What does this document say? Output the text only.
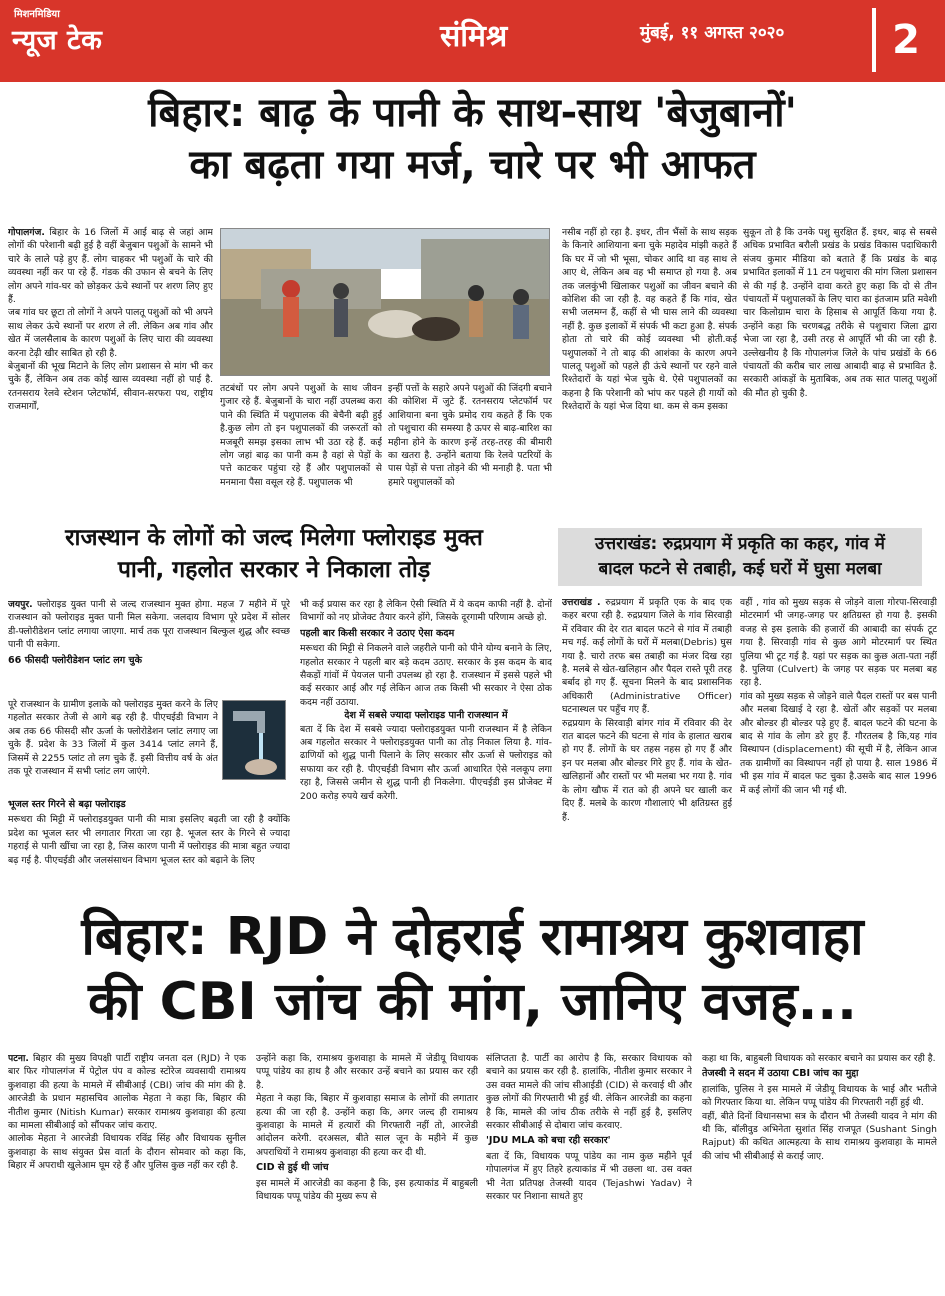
मिशनमिडिया
न्यूज टेक	संमिश्र	मुंबई, ११ अगस्त २०२०	2
बिहार: बाढ़ के पानी के साथ-साथ 'बेजुबानों'
का बढ़ता गया मर्ज, चारे पर भी आफत

गोपालगंज. बिहार के 16 जिलों में आई बाढ़ से जहां आम लोगों की परेशानी बढ़ी हुई है वहीं बेजुबान पशुओं के सामने भी चारे के लाले पड़े हुए हैं. लोग चाहकर भी पशुओं के चारे की व्यवस्था नहीं कर पा रहे हैं. गंडक की उफान से बचने के लिए लोग अपने गांव-घर को छोड़कर ऊंचे स्थानों पर शरण लिए हुए हैं.

जब गांव घर छूटा तो लोगों ने अपने पालतू पशुओं को भी अपने साथ लेकर ऊंचे स्थानों पर शरण ले ली. लेकिन अब गांव और खेत में जलसैलाब के कारण पशुओं के लिए चारा की व्यवस्था करना टेढ़ी खीर साबित हो रही है.

बेजुबानों की भूख मिटाने के लिए लोग प्रशासन से मांग भी कर चुके हैं, लेकिन अब तक कोई खास व्यवस्था नहीं हो पाई है. रतनसराय रेलवे स्टेशन प्लेटफॉर्म, सीवान-सरफरा पथ, राष्ट्रीय राजमार्गों,

तटबंधों पर लोग अपने पशुओं के साथ जीवन गुजार रहे हैं. बेजुबानों के चारा नहीं उपलब्ध करा पाने की स्थिति में पशुपालक की बेचैनी बढ़ी हुई है.कुछ लोग तो इन पशुपालकों की जरूरतों को मजबूरी समझ इसका लाभ भी उठा रहे हैं. कई लोग जहां बाढ़ का पानी कम है वहां से पेड़ों के पत्ते काटकर पहुंचा रहे हैं और पशुपालकों से मनमाना पैसा वसूल रहे हैं. पशुपालक भी
इन्हीं पत्तों के सहारे अपने पशुओं की जिंदगी बचाने की कोशिश में जुटे हैं. रतनसराय प्लेटफॉर्म पर आशियाना बना चुके प्रमोद राय कहते हैं कि एक तो पशुचारा की समस्या है ऊपर से बाढ़-बारिश का महीना होने के कारण इन्हें तरह-तरह की बीमारी का खतरा है. उन्होंने बताया कि रेलवे पटरियों के पास पेड़ों से पत्ता तोड़ने की भी मनाही है. पता भी हमारे पशुपालकों को
नसीब नहीं हो रहा है. इधर, तीन भैंसों के साथ सड़क के किनारे आशियाना बना चुके महादेव मांझी कहते हैं कि घर में जो भी भूसा, चोकर आदि था वह साथ ले आए थे, लेकिन अब वह भी समाप्त हो गया है. अब तक जलकुंभी खिलाकर पशुओं का जीवन बचाने की कोशिश की जा रही है. वह कहते हैं कि गांव, खेत सभी जलमग्न हैं, कहीं से भी घास लाने की व्यवस्था नहीं है. कुछ इलाकों में संपर्क भी कटा हुआ है. संपर्क होता तो चारे की कोई व्यवस्था भी होती.कई पशुपालकों ने तो बाढ़ की आशंका के कारण अपने पालतू पशुओं को पहले ही ऊंचे स्थानों पर रहने वाले रिश्तेदारों के यहां भेज चुके थे. ऐसे पशुपालकों का कहना है कि परेशानी को भांप कर पहले ही गायों को रिश्तेदारों के यहां भेज दिया था. कम से कम इसका
सुकून तो है कि उनके पशु सुरक्षित हैं. इधर, बाढ़ से सबसे अधिक प्रभावित बरौली प्रखंड के प्रखंड विकास पदाधिकारी संजय कुमार मीडिया को बताते हैं कि प्रखंड के बाढ़ प्रभावित इलाकों में 11 टन पशुचारा की मांग जिला प्रशासन से की गई है. उन्होंने दावा करते हुए कहा कि दो से तीन पंचायतों में पशुपालकों के लिए चारा का इंतजाम प्रति मवेशी चार किलोग्राम चारा के हिसाब से आपूर्ति किया गया है. उन्होंने कहा कि चरणबद्ध तरीके से पशुचारा जिला द्वारा भेजा जा रहा है, उसी तरह से आपूर्ति भी की जा रही है. उल्लेखनीय है कि गोपालगंज जिले के पांच प्रखंडों के 66 पंचायतों की करीब चार लाख आबादी बाढ़ से प्रभावित है. सरकारी आंकड़ों के मुताबिक, अब तक सात पालतू पशुओं की मौत हो चुकी है.
राजस्थान के लोगों को जल्द मिलेगा फ्लोराइड मुक्त
पानी, गहलोत सरकार ने निकाला तोड़

जयपुर. फ्लोराइड युक्त पानी से जल्द राजस्थान मुक्त होगा. महज 7 महीने में पूरे राजस्थान को फ्लोराइड मुक्त पानी मिल सकेगा. जलदाय विभाग पूरे प्रदेश में सोलर डी-फ्लोरीडेशन प्लांट लगाया जाएगा. मार्च तक पूरा राजस्थान बिल्कुल शुद्ध और स्वच्छ पानी पी सकेगा.

66 फीसदी फ्लोरीडेशन प्लांट लग चुके

पूरे राजस्थान के ग्रामीण इलाके को फ्लोराइड मुक्त करने के लिए गहलोत सरकार तेजी से आगे बढ़ रही है. पीएचईडी विभाग ने अब तक 66 फीसदी सौर ऊर्जा के फ्लोरोडेशन प्लांट लगाए जा चुके हैं. प्रदेश के 33 जिलों में कुल 3414 प्लांट लगने हैं, जिसमें से 2255 प्लांट तो लग चुके हैं. इसी वित्तीय वर्ष के अंत तक पूरे राजस्थान में सभी प्लांट लग जाएंगे.

भूजल स्तर गिरने से बढ़ा फ्लोराइड

मरूधरा की मिट्टी में फ्लोराइडयुक्त पानी की मात्रा इसलिए बढ़ती जा रही है क्योंकि प्रदेश का भूजल स्तर भी लगातार गिरता जा रहा है. भूजल स्तर के गिरने से ज्यादा गहराई से पानी खींचा जा रहा है, जिस कारण पानी में फ्लोराइड की मात्रा बहुत ज्यादा बढ़ गई है. पीएचईडी और जलसंसाधन विभाग भूजल स्तर को बढ़ाने के लिए

भी कई प्रयास कर रहा है लेकिन ऐसी स्थिति में ये कदम काफी नहीं है. दोनों विभागों को नए प्रोजेक्ट तैयार करने होंगे, जिसके दूरगामी परिणाम अच्छे हो.

पहली बार किसी सरकार ने उठाए ऐसा कदम

मरूधरा की मिट्टी से निकलने वाले जहरीले पानी को पीने योग्य बनाने के लिए, गहलोत सरकार ने पहली बार बड़े कदम उठाए. सरकार के इस कदम के बाद सैकड़ों गांवों में पेयजल पानी उपलब्ध हो रहा है. राजस्थान में इससे पहले भी कई सरकार आई और गई लेकिन आज तक किसी भी सरकार ने ऐसा ठोक कदम नहीं उठाया.

देश में सबसे ज्यादा फ्लोराइड पानी राजस्थान में

बता दें कि देश में सबसे ज्यादा फ्लोराइडयुक्त पानी राजस्थान में है लेकिन अब गहलोत सरकार ने फ्लोराइडयुक्त पानी का तोड़ निकाल लिया है. गांव-ढाणियों को शुद्ध पानी पिलाने के लिए सरकार सौर ऊर्जा से फ्लोराइड को सफाया कर रही है. पीएचईडी विभाग सौर ऊर्जा आधारित ऐसे नलकूप लगा रहा है, जिससे जमीन से शुद्ध पानी ही निकलेगा. पीएचईडी इस प्रोजेक्ट में 200 करोड़ रुपये खर्च करेगी.

उत्तराखंड: रुद्रप्रयाग में प्रकृति का कहर, गांव में
बादल फटने से तबाही, कई घरों में घुसा मलबा

उत्तराखंड . रुद्रप्रयाग में प्रकृति एक के बाद एक कहर बरपा रही है. रुद्रप्रयाग जिले के गांव सिरवाड़ी में रविवार की देर रात बादल फटने से गांव में तबाही मच गई. कई लोगों के घरों में मलबा(Debris) घुस गया है. चारो तरफ बस तबाही का मंजर दिख रहा है. मलबे से खेत-खलिहान और पैदल रास्ते पूरी तरह बर्बाद हो गए हैं. सूचना मिलने के बाद प्रशासनिक अधिकारी (Administrative Officer) घटनास्थल पर पहुँच गए हैं.

रुद्रप्रयाग के सिरवाड़ी बांगर गांव में रविवार की देर रात बादल फटने की घटना से गांव के हालात खराब हो गए हैं. लोगों के घर तहस नहस हो गए हैं और इन पर मलबा और बोल्डर गिरे हुए हैं. गांव के खेत-खलिहानों और रास्तों पर भी मलबा भर गया है. गांव के लोग खौफ में रात को ही अपने घर खाली कर दिए हैं. मलबे के कारण गौशालाएं भी क्षतिग्रस्त हुई हैं.

वहीं , गांव को मुख्य सड़क से जोड़ने वाला गोरपा-सिरवाड़ी मोटरमार्ग भी जगह-जगह पर क्षतिग्रस्त हो गया है. इसकी वजह से इस इलाके की हजारों की आबादी का संपर्क टूट गया है. सिरवाड़ी गांव से कुछ आगे मोटरमार्ग पर स्थित पुलिया भी टूट गई है. यहां पर सड़क का कुछ अता-पता नहीं है. पुलिया (Culvert) के जगह पर सड़क पर मलबा बह रहा है.

गांव को मुख्य सड़क से जोड़ने वाले पैदल रास्तों पर बस पानी और मलबा दिखाई दे रहा है. खेतों और सड़कों पर मलबा और बोल्डर ही बोल्डर पड़े हुए हैं. बादल फटने की घटना के बाद से गांव के लोग डरे हुए हैं. गौरतलब है कि,यह गांव विस्थापन (displacement) की सूची में है, लेकिन आज तक ग्रामीणों का विस्थापन नहीं हो पाया है. साल 1986 में भी इस गांव में बादल फट चुका है.उसके बाद साल 1996 में कई लोगों की जान भी गई थी.

बिहार: RJD ने दोहराई रामाश्रय कुशवाहा
की CBI जांच की मांग, जानिए वजह...

पटना. बिहार की मुख्य विपक्षी पार्टी राष्ट्रीय जनता दल (RJD) ने एक बार फिर गोपालगंज में पेट्रोल पंप व कोल्ड स्टोरेज व्यवसायी रामाश्रय कुशवाहा की हत्या के मामले में सीबीआई (CBI) जांच की मांग की है. आरजेडी के प्रधान महासचिव आलोक मेहता ने कहा कि, बिहार की नीतीश कुमार (Nitish Kumar) सरकार रामाश्रय कुशवाहा की हत्या का मामला सीबीआई को सौंपकर जांच कराए.

आलोक मेहता ने आरजेडी विधायक रविंद्र सिंह और विधायक सुनील कुशवाहा के साथ संयुक्त प्रेस वार्ता के दौरान सोमवार को कहा कि, बिहार में अपराधी खुलेआम घूम रहे हैं और पुलिस कुछ नहीं कर रही है.

उन्होंने कहा कि, रामाश्रय कुशवाहा के मामले में जेडीयू विधायक पप्पू पांडेय का हाथ है और सरकार उन्हें बचाने का प्रयास कर रही है.

मेहता ने कहा कि, बिहार में कुशवाहा समाज के लोगों की लगातार हत्या की जा रही है. उन्होंने कहा कि, अगर जल्द ही रामाश्रय कुशवाहा के मामले में हत्यारों की गिरफ्तारी नहीं तो, आरजेडी आंदोलन करेगी. दरअसल, बीते साल जून के महीने में कुछ अपराधियों ने रामाश्रय कुशवाहा की हत्या कर दी थी.

CID से हुई थी जांच

इस मामले में आरजेडी का कहना है कि, इस हत्याकांड में बाहुबली विधायक पप्पू पांडेय की मुख्य रूप से

संलिप्तता है. पार्टी का आरोप है कि, सरकार विधायक को बचाने का प्रयास कर रही है. हालांकि, नीतीश कुमार सरकार ने उस वक्त मामले की जांच सीआईडी (CID) से करवाई थी और कुछ लोगों की गिरफ्तारी भी हुई थी. लेकिन आरजेडी का कहना है कि, मामले की जांच ठीक तरीके से नहीं हुई है, इसलिए सरकार सीबीआई से दोबारा जांच करवाए.

'JDU MLA को बचा रही सरकार'

बता दें कि, विधायक पप्पू पांडेय का नाम कुछ महीने पूर्व गोपालगंज में हुए तिहरे हत्याकांड में भी उछला था. उस वक्त भी नेता प्रतिपक्ष तेजस्वी यादव (Tejashwi Yadav) ने सरकार पर निशाना साधते हुए

कहा था कि, बाहुबली विधायक को सरकार बचाने का प्रयास कर रही है.

तेजस्वी ने सदन में उठाया CBI जांच का मुद्दा

हालांकि, पुलिस ने इस मामले में जेडीयू विधायक के भाई और भतीजे को गिरफ्तार किया था. लेकिन पप्पू पांडेय की गिरफ्तारी नहीं हुई थी.

वहीं, बीते दिनों विधानसभा सत्र के दौरान भी तेजस्वी यादव ने मांग की थी कि, बॉलीवुड अभिनेता सुशांत सिंह राजपूत (Sushant Singh Rajput) की कथित आत्महत्या के साथ रामाश्रय कुशवाहा के मामले की जांच भी सीबीआई से कराई जाए.
